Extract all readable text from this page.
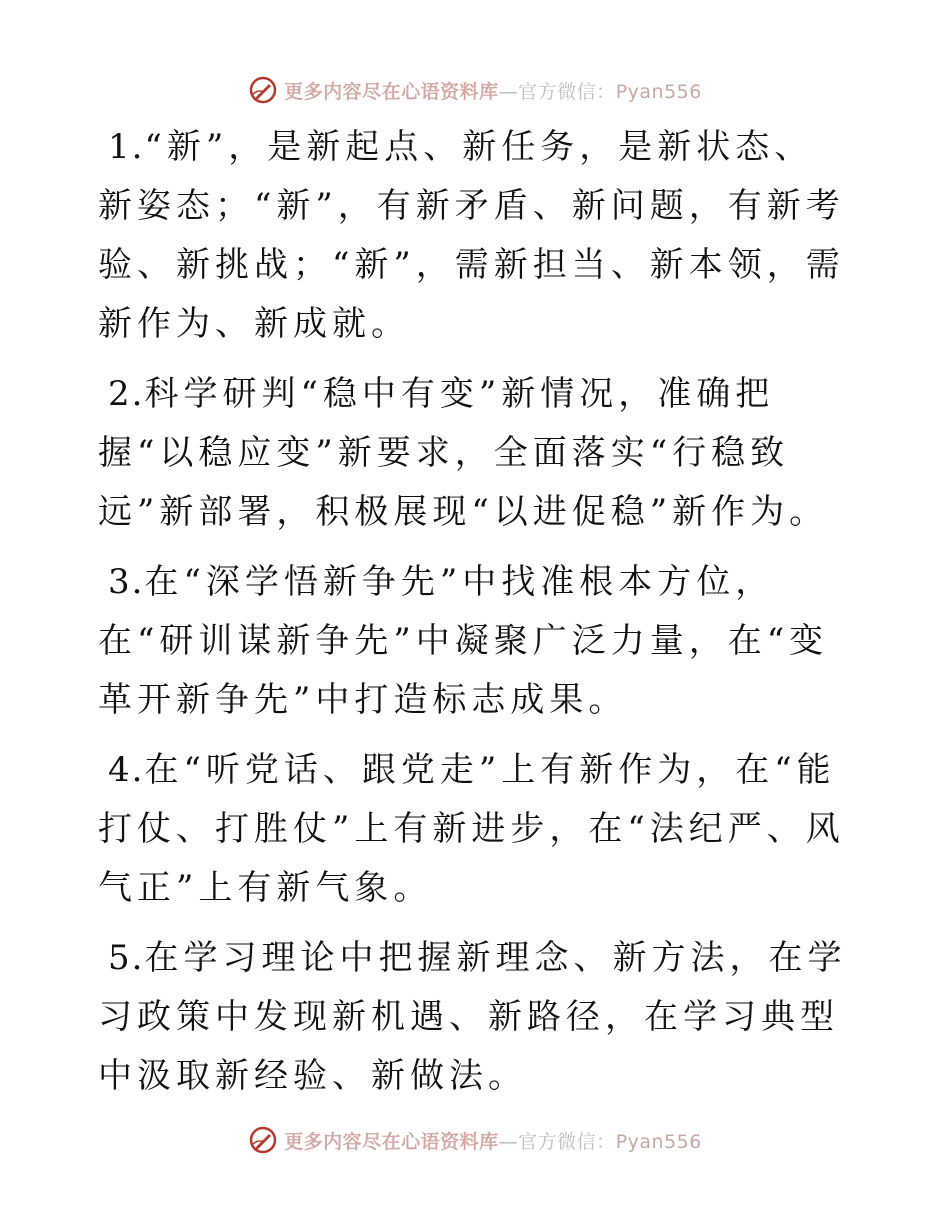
更多内容尽在心语资料库—官方微信：Pyan556

1.“新”，是新起点、新任务，是新状态、新姿态；“新”，有新矛盾、新问题，有新考验、新挑战；“新”，需新担当、新本领，需新作为、新成就。

2.科学研判“稳中有变”新情况，准确把握“以稳应变”新要求，全面落实“行稳致远”新部署，积极展现“以进促稳”新作为。

3.在“深学悟新争先”中找准根本方位，在“研训谋新争先”中凝聚广泛力量，在“变革开新争先”中打造标志成果。

4.在“听党话、跟党走”上有新作为，在“能打仗、打胜仗”上有新进步，在“法纪严、风气正”上有新气象。

5.在学习理论中把握新理念、新方法，在学习政策中发现新机遇、新路径，在学习典型中汲取新经验、新做法。

更多内容尽在心语资料库—官方微信：Pyan556
